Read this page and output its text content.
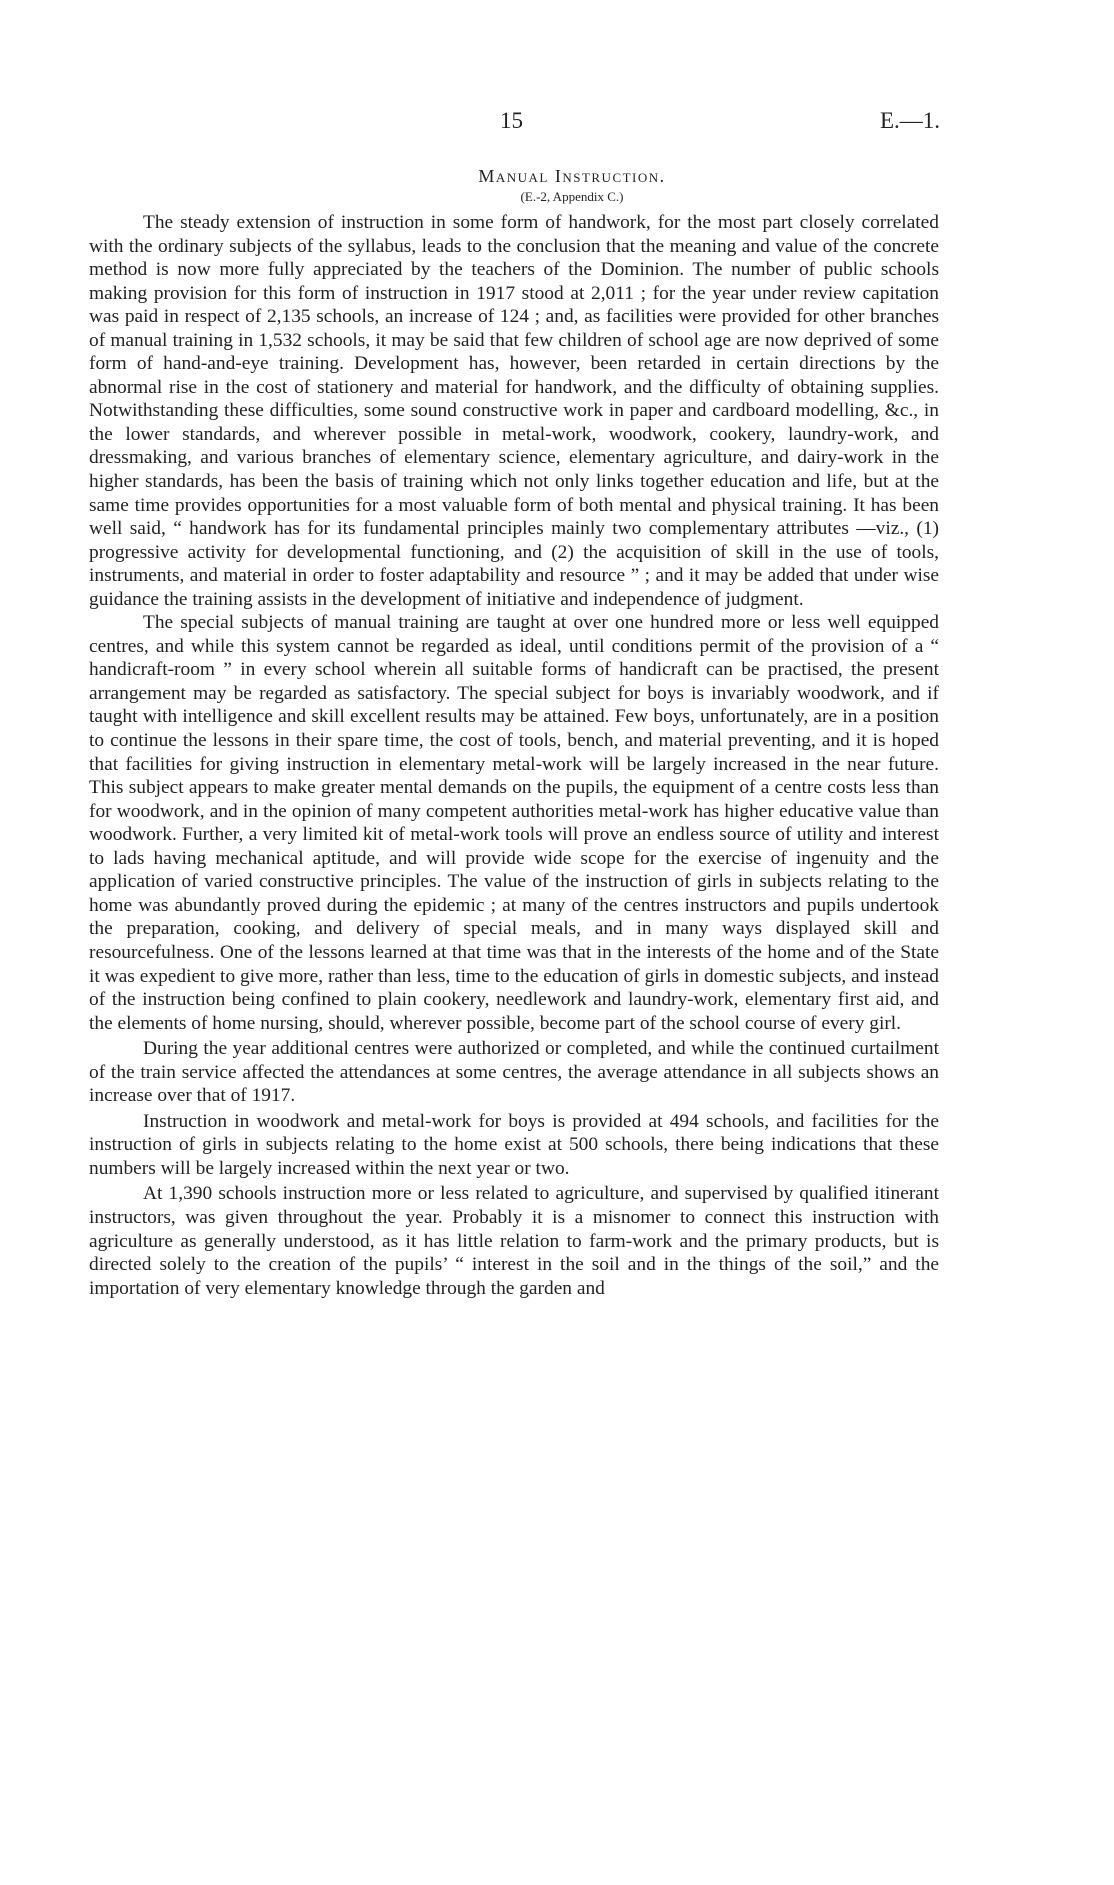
15	E.—1.
Manual Instruction.
(E.-2, Appendix C.)

The steady extension of instruction in some form of handwork, for the most part closely correlated with the ordinary subjects of the syllabus, leads to the conclusion that the meaning and value of the concrete method is now more fully appreciated by the teachers of the Dominion. The number of public schools making provision for this form of instruction in 1917 stood at 2,011 ; for the year under review capitation was paid in respect of 2,135 schools, an increase of 124 ; and, as facilities were provided for other branches of manual training in 1,532 schools, it may be said that few children of school age are now deprived of some form of hand-and-eye training. Development has, however, been retarded in certain directions by the abnormal rise in the cost of stationery and material for handwork, and the difficulty of obtaining supplies. Notwithstanding these difficulties, some sound constructive work in paper and cardboard modelling, &c., in the lower standards, and wherever possible in metal-work, woodwork, cookery, laundry-work, and dressmaking, and various branches of elementary science, elementary agriculture, and dairy-work in the higher standards, has been the basis of training which not only links together education and life, but at the same time provides opportunities for a most valuable form of both mental and physical training. It has been well said, “ handwork has for its fundamental principles mainly two complementary attributes —viz., (1) progressive activity for developmental functioning, and (2) the acquisition of skill in the use of tools, instruments, and material in order to foster adaptability and resource ” ; and it may be added that under wise guidance the training assists in the development of initiative and independence of judgment.

The special subjects of manual training are taught at over one hundred more or less well equipped centres, and while this system cannot be regarded as ideal, until conditions permit of the provision of a “ handicraft-room ” in every school wherein all suitable forms of handicraft can be practised, the present arrangement may be regarded as satisfactory. The special subject for boys is invariably woodwork, and if taught with intelligence and skill excellent results may be attained. Few boys, unfortunately, are in a position to continue the lessons in their spare time, the cost of tools, bench, and material preventing, and it is hoped that facilities for giving instruction in elementary metal-work will be largely increased in the near future. This subject appears to make greater mental demands on the pupils, the equipment of a centre costs less than for woodwork, and in the opinion of many competent authorities metal-work has higher educative value than woodwork. Further, a very limited kit of metal-work tools will prove an endless source of utility and interest to lads having mechanical aptitude, and will provide wide scope for the exercise of ingenuity and the application of varied constructive principles. The value of the instruction of girls in subjects relating to the home was abundantly proved during the epidemic ; at many of the centres instructors and pupils undertook the preparation, cooking, and delivery of special meals, and in many ways displayed skill and resourcefulness. One of the lessons learned at that time was that in the interests of the home and of the State it was expedient to give more, rather than less, time to the education of girls in domestic subjects, and instead of the instruction being confined to plain cookery, needlework and laundry-work, elementary first aid, and the elements of home nursing, should, wherever possible, become part of the school course of every girl.

During the year additional centres were authorized or completed, and while the continued curtailment of the train service affected the attendances at some centres, the average attendance in all subjects shows an increase over that of 1917.

Instruction in woodwork and metal-work for boys is provided at 494 schools, and facilities for the instruction of girls in subjects relating to the home exist at 500 schools, there being indications that these numbers will be largely increased within the next year or two.

At 1,390 schools instruction more or less related to agriculture, and supervised by qualified itinerant instructors, was given throughout the year. Probably it is a misnomer to connect this instruction with agriculture as generally understood, as it has little relation to farm-work and the primary products, but is directed solely to the creation of the pupils’ “ interest in the soil and in the things of the soil,” and the importation of very elementary knowledge through the garden and
